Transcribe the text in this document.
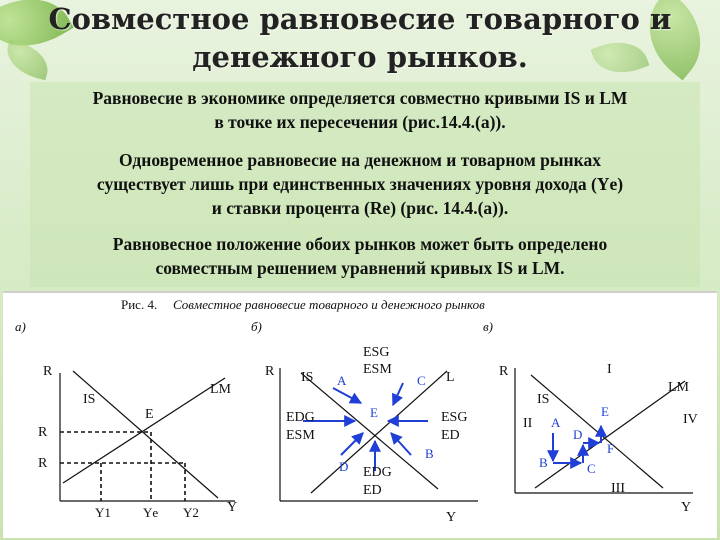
Совместное равновесие товарного и
денежного рынков.
Равновесие в экономике определяется совместно кривыми IS и LM
в точке их пересечения (рис.14.4.(а)).
Одновременное равновесие на денежном и товарном рынках
существует лишь при единственных значениях уровня дохода (Yе)
и ставки процента (Rе) (рис. 14.4.(а)).
Равновесное положение обоих рынков может быть определено
совместным решением уравнений кривых IS и LM.
Рис. 4. Совместное равновесие товарного и денежного рынков
а)	б)	в)
R
Y
IS
LM
E
R
R
Y1 Yе Y2
R
Y
IS	L
ESG
ESM
EDG
ESM
ESG
ED
EDG
ED
A	C
E
B
D
R
Y
IS
LM
I
II
III
IV
A
E
D
F
B	C
